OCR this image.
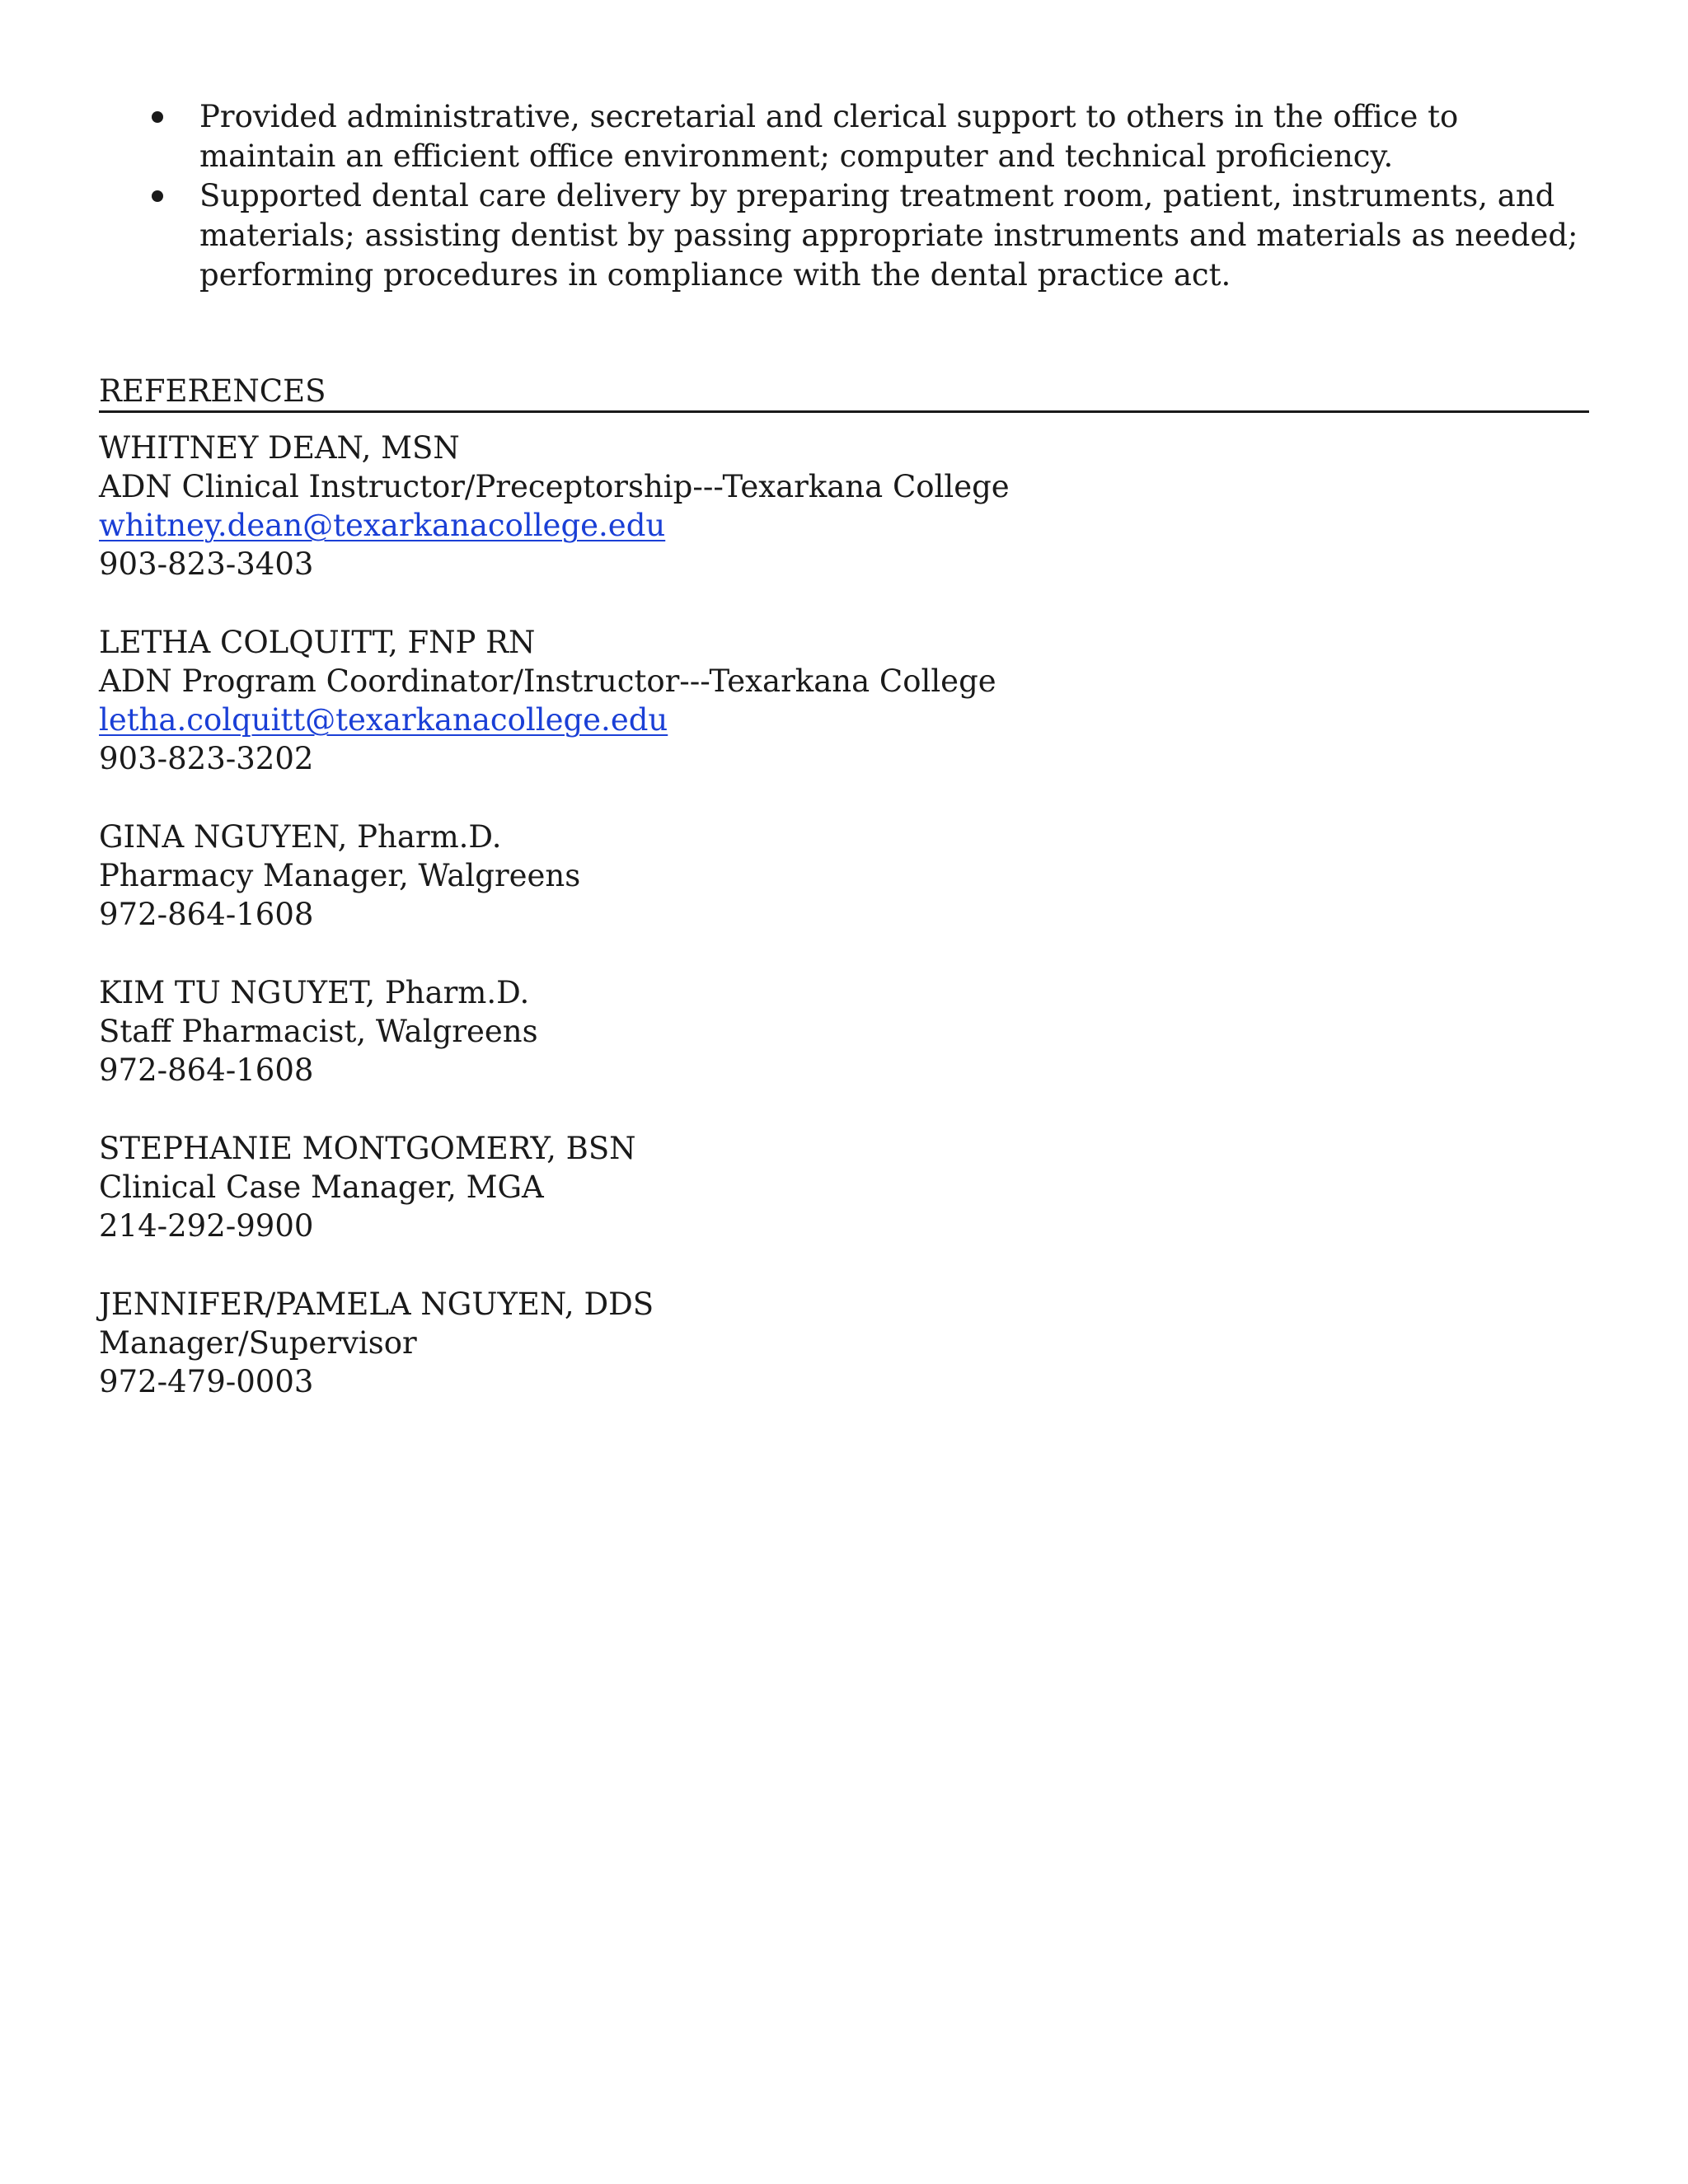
Provided administrative, secretarial and clerical support to others in the office to maintain an efficient office environment; computer and technical proficiency.
Supported dental care delivery by preparing treatment room, patient, instruments, and materials; assisting dentist by passing appropriate instruments and materials as needed; performing procedures in compliance with the dental practice act.
REFERENCES
WHITNEY DEAN, MSN
ADN Clinical Instructor/Preceptorship---Texarkana College
whitney.dean@texarkanacollege.edu
903-823-3403
LETHA COLQUITT, FNP RN
ADN Program Coordinator/Instructor---Texarkana College
letha.colquitt@texarkanacollege.edu
903-823-3202
GINA NGUYEN, Pharm.D.
Pharmacy Manager, Walgreens
972-864-1608
KIM TU NGUYET, Pharm.D.
Staff Pharmacist, Walgreens
972-864-1608
STEPHANIE MONTGOMERY, BSN
Clinical Case Manager, MGA
214-292-9900
JENNIFER/PAMELA NGUYEN, DDS
Manager/Supervisor
972-479-0003
